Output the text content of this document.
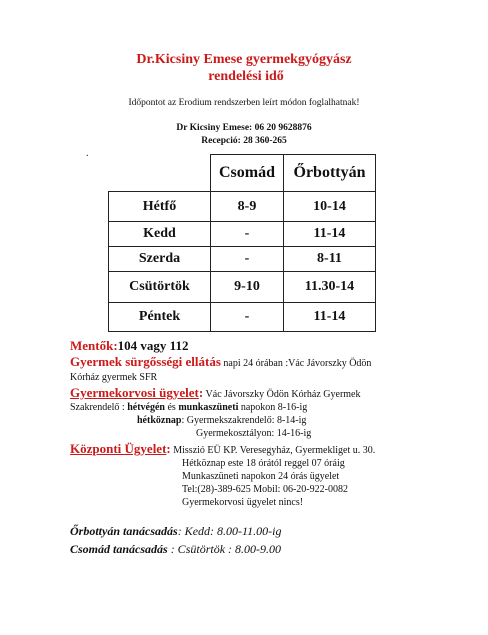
Dr.Kicsiny Emese gyermekgyógyász
rendelési idő
Időpontot az Erodium rendszerben leírt módon foglalhatnak!
Dr Kicsiny Emese: 06 20 9628876
Recepció: 28 360-265
.
	Csomád	Őrbottyán
Hétfő	8-9	10-14
Kedd	-	11-14
Szerda	-	8-11
Csütörtök	9-10	11.30-14
Péntek	-	11-14
Mentők:104 vagy 112
Gyermek sürgősségi ellátás napi 24 órában :Vác Jávorszky Ödön
Kórház gyermek SFR
Gyermekorvosi ügyelet: Vác Jávorszky Ödön Kórház Gyermek
Szakrendelő : hétvégén és munkaszüneti napokon 8-16-ig
hétköznap: Gyermekszakrendelő: 8-14-ig
Gyermekosztályon: 14-16-ig
Központi Ügyelet: Misszió EÜ KP. Veresegyház, Gyermekliget u. 30.
Hétköznap este 18 órától reggel 07 óráig
Munkaszüneti napokon 24 órás ügyelet
Tel:(28)-389-625 Mobil: 06-20-922-0082
Gyermekorvosi ügyelet nincs!
Őrbottyán tanácsadás: Kedd: 8.00-11.00-ig
Csomád tanácsadás : Csütörtök : 8.00-9.00
